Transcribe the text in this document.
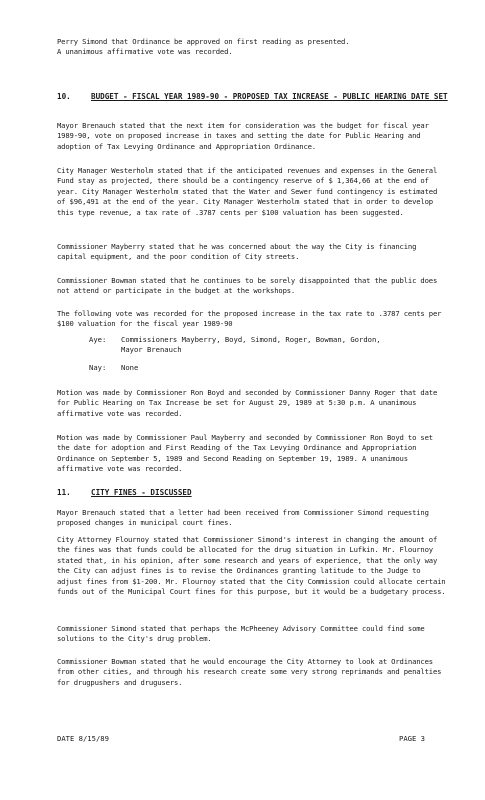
Perry Simond that Ordinance be approved on first reading as presented.
A unanimous affirmative vote was recorded.
10.	BUDGET - FISCAL YEAR 1989-90 - PROPOSED TAX INCREASE - PUBLIC HEARING DATE SET
Mayor Brenauch stated that the next item for consideration was the budget for fiscal year 1989-90, vote on proposed increase in taxes and setting the date for Public Hearing and adoption of Tax Levying Ordinance and Appropriation Ordinance.
City Manager Westerholm stated that if the anticipated revenues and expenses in the General Fund stay as projected, there should be a contingency reserve of $ 1,364,66 at the end of year. City Manager Westerholm stated that the Water and Sewer fund contingency is estimated of $96,491 at the end of the year. City Manager Westerholm stated that in order to develop this type revenue, a tax rate of .3787 cents per $100 valuation has been suggested.
Commissioner Mayberry stated that he was concerned about the way the City is financing capital equipment, and the poor condition of City streets.
Commissioner Bowman stated that he continues to be sorely disappointed that the public does not attend or participate in the budget at the workshops.
The following vote was recorded for the proposed increase in the tax rate to .3787 cents per $100 valuation for the fiscal year 1989-90
Aye: Commissioners Mayberry, Boyd, Simond, Roger, Bowman, Gordon,
Mayor Brenauch
Nay: None
Motion was made by Commissioner Ron Boyd and seconded by Commissioner Danny Roger that date for Public Hearing on Tax Increase be set for August 29, 1989 at 5:30 p.m. A unanimous affirmative vote was recorded.
Motion was made by Commissioner Paul Mayberry and seconded by Commissioner Ron Boyd to set the date for adoption and First Reading of the Tax Levying Ordinance and Appropriation Ordinance on September 5, 1989 and Second Reading on September 19, 1989. A unanimous affirmative vote was recorded.
11.	CITY FINES - DISCUSSED
Mayor Brenauch stated that a letter had been received from Commissioner Simond requesting proposed changes in municipal court fines.
City Attorney Flournoy stated that Commissioner Simond's interest in changing the amount of the fines was that funds could be allocated for the drug situation in Lufkin. Mr. Flournoy stated that, in his opinion, after some research and years of experience, that the only way the City can adjust fines is to revise the Ordinances granting latitude to the Judge to adjust fines from $1-200. Mr. Flournoy stated that the City Commission could allocate certain funds out of the Municipal Court fines for this purpose, but it would be a budgetary process.
Commissioner Simond stated that perhaps the McPheeney Advisory Committee could find some solutions to the City's drug problem.
Commissioner Bowman stated that he would encourage the City Attorney to look at Ordinances from other cities, and through his research create some very strong reprimands and penalties for drugpushers and drugusers.
DATE 8/15/89	PAGE 3
